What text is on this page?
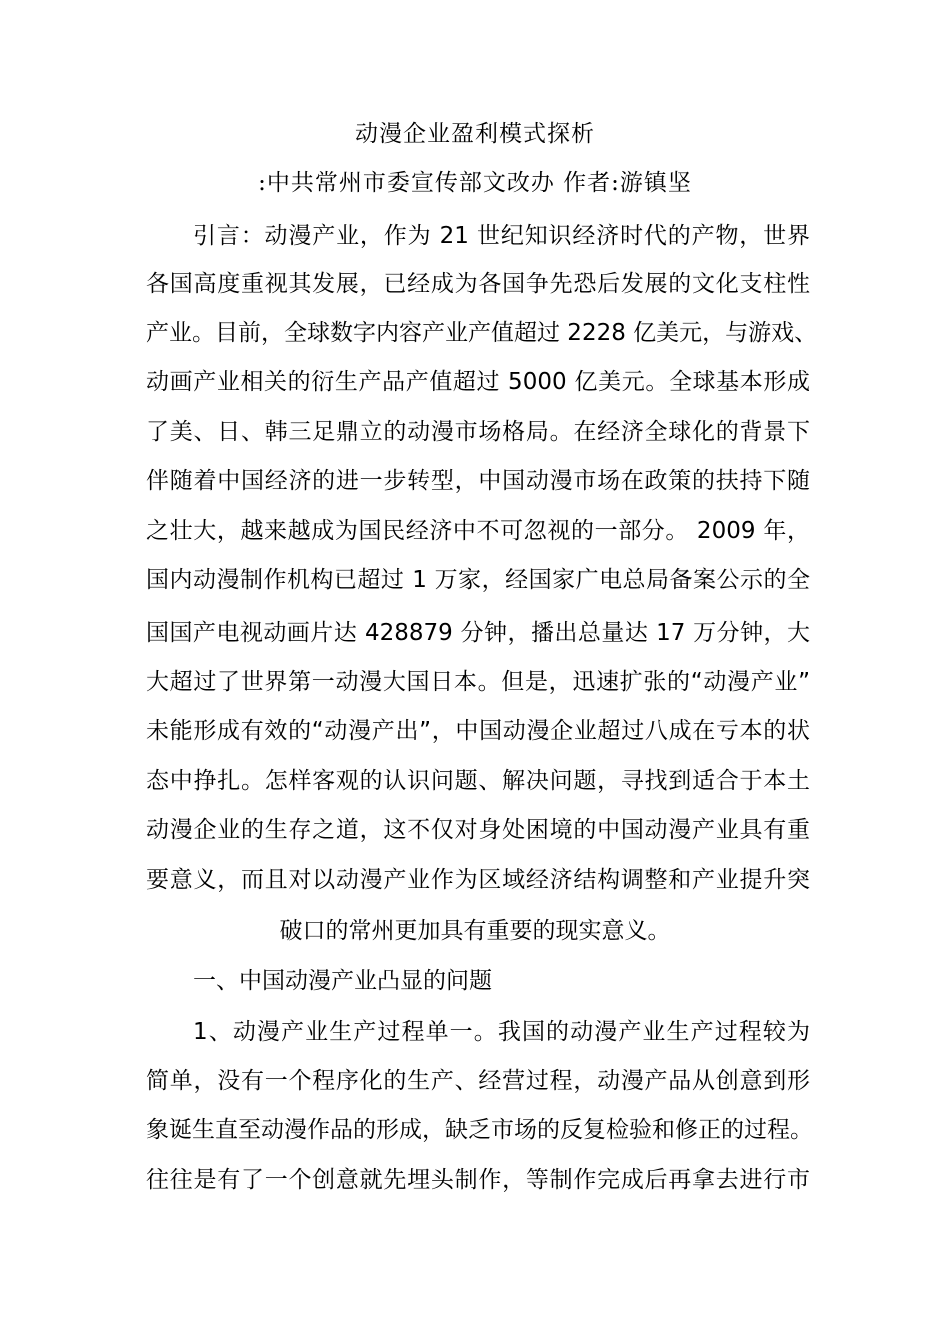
动漫企业盈利模式探析
:中共常州市委宣传部文改办 作者:游镇坚
引言：动漫产业，作为 21 世纪知识经济时代的产物，世界
各国高度重视其发展，已经成为各国争先恐后发展的文化支柱性
产业。目前，全球数字内容产业产值超过 2228 亿美元，与游戏、
动画产业相关的衍生产品产值超过 5000 亿美元。全球基本形成
了美、日、韩三足鼎立的动漫市场格局。在经济全球化的背景下
伴随着中国经济的进一步转型，中国动漫市场在政策的扶持下随
之壮大，越来越成为国民经济中不可忽视的一部分。 2009 年，
国内动漫制作机构已超过 1 万家，经国家广电总局备案公示的全
国国产电视动画片达 428879 分钟，播出总量达 17 万分钟，大
大超过了世界第一动漫大国日本。但是，迅速扩张的“动漫产业”
未能形成有效的“动漫产出”，中国动漫企业超过八成在亏本的状
态中挣扎。怎样客观的认识问题、解决问题，寻找到适合于本土
动漫企业的生存之道，这不仅对身处困境的中国动漫产业具有重
要意义，而且对以动漫产业作为区域经济结构调整和产业提升突
破口的常州更加具有重要的现实意义。
一、中国动漫产业凸显的问题
1、动漫产业生产过程单一。我国的动漫产业生产过程较为
简单，没有一个程序化的生产、经营过程，动漫产品从创意到形
象诞生直至动漫作品的形成，缺乏市场的反复检验和修正的过程。
往往是有了一个创意就先埋头制作，等制作完成后再拿去进行市
